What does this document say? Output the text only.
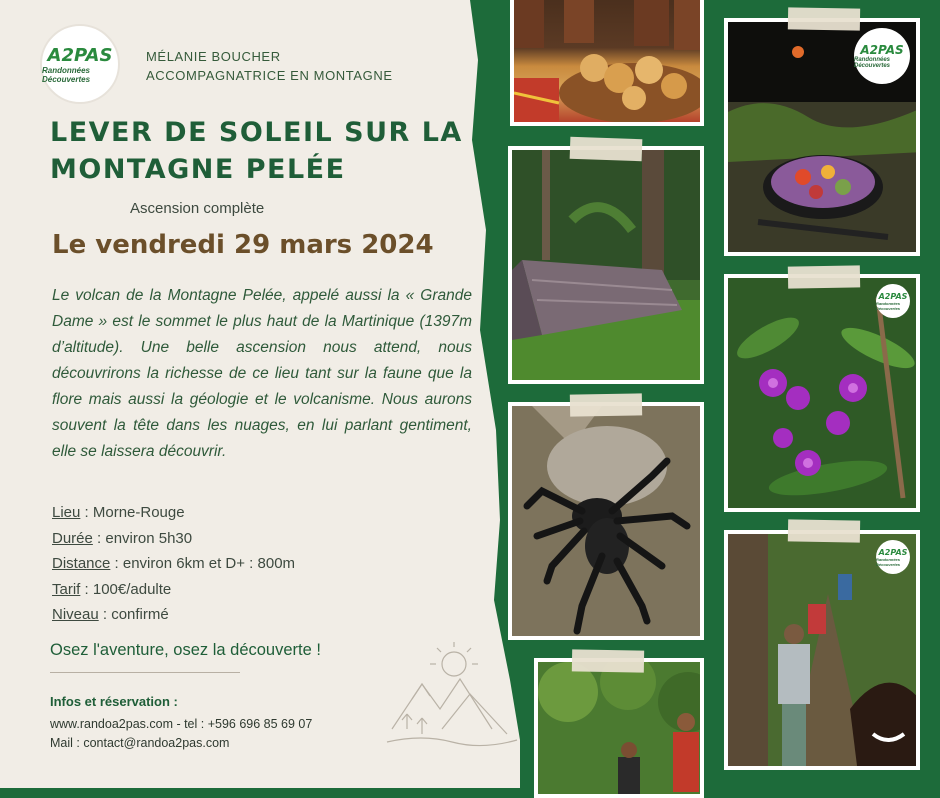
A2PAS
Randonnées Découvertes
MÉLANIE BOUCHER
ACCOMPAGNATRICE EN MONTAGNE
LEVER DE SOLEIL SUR LA MONTAGNE PELÉE
Ascension complète
Le vendredi 29 mars 2024
Le volcan de la Montagne Pelée, appelé aussi la « Grande Dame » est le sommet le plus haut de la Martinique (1397m d’altitude). Une belle ascension nous attend, nous découvrirons la richesse de ce lieu tant sur la faune que la flore mais aussi la géologie et le volcanisme. Nous aurons souvent la tête dans les nuages, en lui parlant gentiment, elle se laissera découvrir.
Lieu : Morne-Rouge
Durée : environ 5h30
Distance : environ 6km et D+ : 800m
Tarif : 100€/adulte
Niveau : confirmé
Osez l'aventure, osez la découverte !
Infos et réservation :
www.randoa2pas.com - tel : +596 696 85 69 07
Mail : contact@randoa2pas.com
A2PAS
Randonnées Découvertes
A2PAS
Randonnées Découvertes
A2PAS
Randonnées Découvertes
